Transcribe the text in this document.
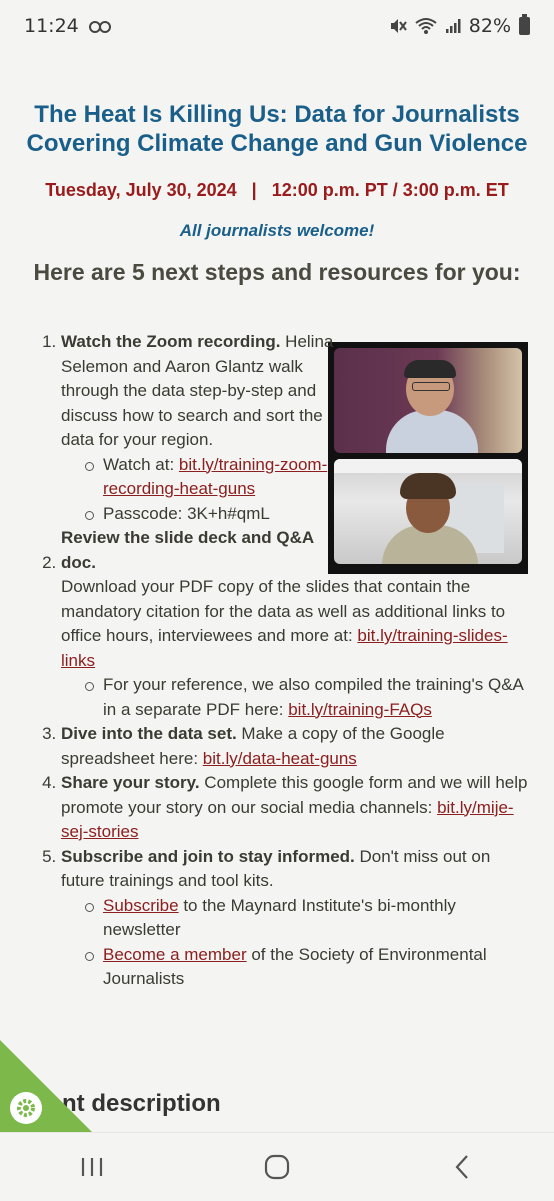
11:24	82%
The Heat Is Killing Us: Data for Journalists
Covering Climate Change and Gun Violence
Tuesday, July 30, 2024   |   12:00 p.m. PT / 3:00 p.m. ET
All journalists welcome!
Here are 5 next steps and resources for you:
1. Watch the Zoom recording. Helina Selemon and Aaron Glantz walk through the data step-by-step and discuss how to search and sort the data for your region.
Watch at: bit.ly/training-zoom-recording-heat-guns
Passcode: 3K+h#qmL
2. Review the slide deck and Q&A doc. Download your PDF copy of the slides that contain the mandatory citation for the data as well as additional links to office hours, interviewees and more at: bit.ly/training-slides-links
For your reference, we also compiled the training's Q&A in a separate PDF here: bit.ly/training-FAQs
3. Dive into the data set. Make a copy of the Google spreadsheet here: bit.ly/data-heat-guns
4. Share your story. Complete this google form and we will help promote your story on our social media channels: bit.ly/mije-sej-stories
5. Subscribe and join to stay informed. Don't miss out on future trainings and tool kits.
Subscribe to the Maynard Institute's bi-monthly newsletter
Become a member of the Society of Environmental Journalists
nt description
